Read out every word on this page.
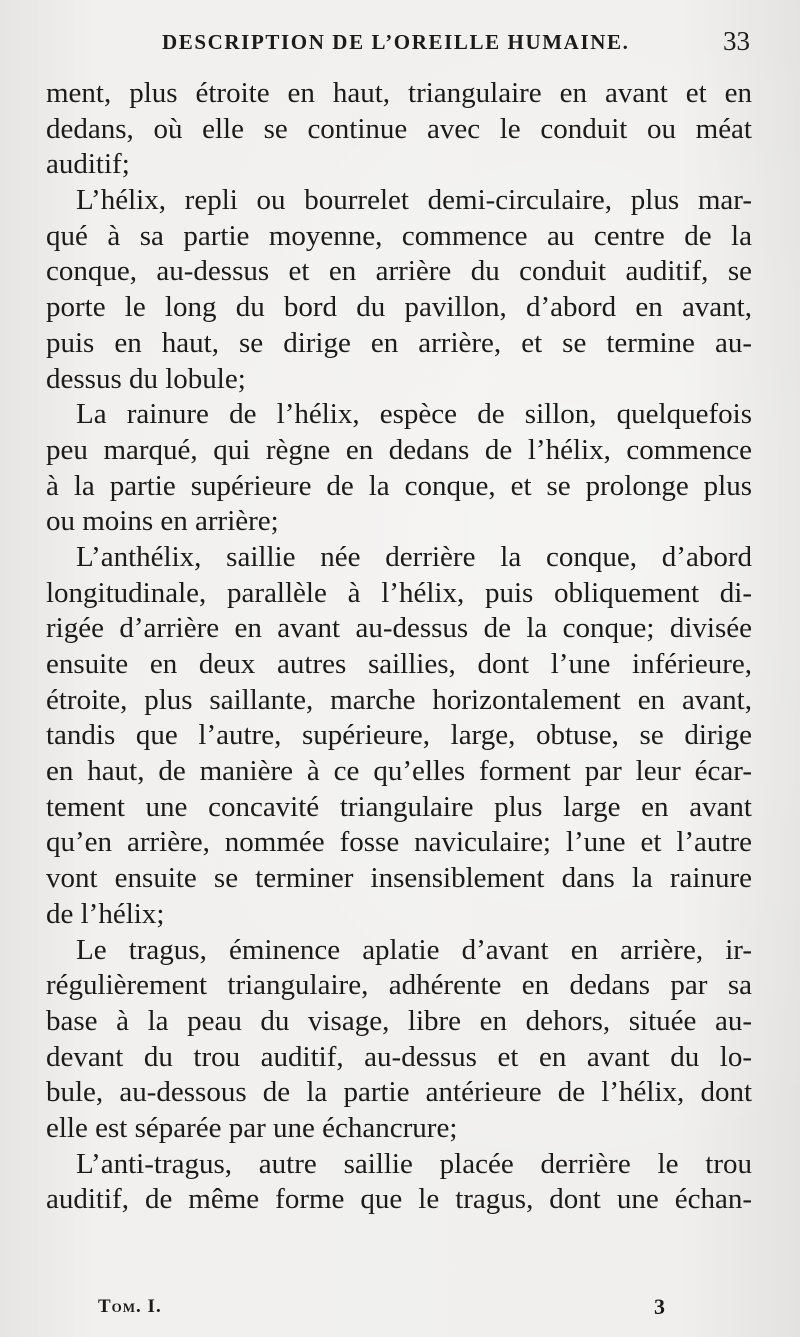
DESCRIPTION DE L’OREILLE HUMAINE.	33
ment, plus étroite en haut, triangulaire en avant et en
dedans, où elle se continue avec le conduit ou méat
auditif;
L’hélix, repli ou bourrelet demi-circulaire, plus mar-
qué à sa partie moyenne, commence au centre de la
conque, au-dessus et en arrière du conduit auditif, se
porte le long du bord du pavillon, d’abord en avant,
puis en haut, se dirige en arrière, et se termine au-
dessus du lobule;
La rainure de l’hélix, espèce de sillon, quelquefois
peu marqué, qui règne en dedans de l’hélix, commence
à la partie supérieure de la conque, et se prolonge plus
ou moins en arrière;
L’anthélix, saillie née derrière la conque, d’abord
longitudinale, parallèle à l’hélix, puis obliquement di-
rigée d’arrière en avant au-dessus de la conque; divisée
ensuite en deux autres saillies, dont l’une inférieure,
étroite, plus saillante, marche horizontalement en avant,
tandis que l’autre, supérieure, large, obtuse, se dirige
en haut, de manière à ce qu’elles forment par leur écar-
tement une concavité triangulaire plus large en avant
qu’en arrière, nommée fosse naviculaire; l’une et l’autre
vont ensuite se terminer insensiblement dans la rainure
de l’hélix;
Le tragus, éminence aplatie d’avant en arrière, ir-
régulièrement triangulaire, adhérente en dedans par sa
base à la peau du visage, libre en dehors, située au-
devant du trou auditif, au-dessus et en avant du lo-
bule, au-dessous de la partie antérieure de l’hélix, dont
elle est séparée par une échancrure;
L’anti-tragus, autre saillie placée derrière le trou
auditif, de même forme que le tragus, dont une échan-
Tom. I.	3
